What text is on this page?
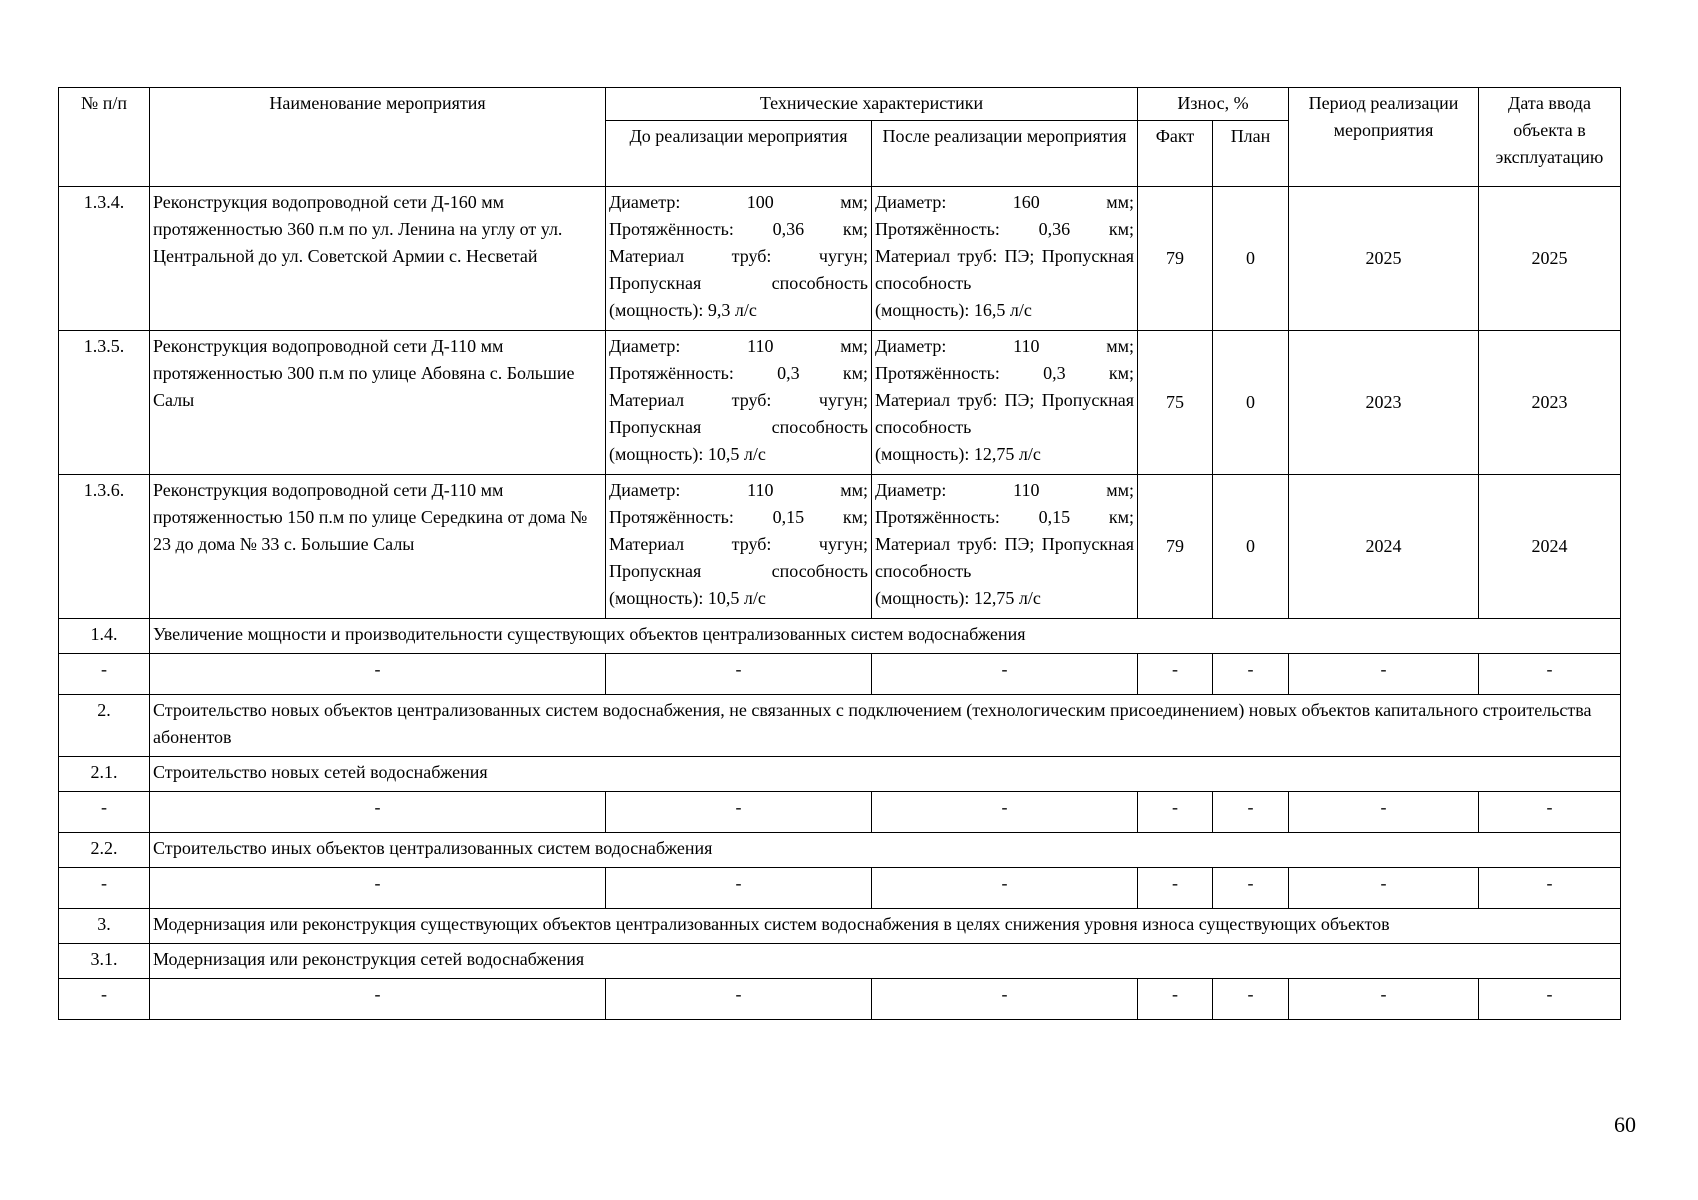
№ п/п	Наименование мероприятия	Технические характеристики		Износ, %		Период реализации мероприятия	Дата ввода объекта в эксплуатацию
		До реализации мероприятия	После реализации мероприятия	Факт	План		
1.3.4.	Реконструкция водопроводной сети Д-160 мм протяженностью 360 п.м по ул. Ленина на углу от ул. Центральной до ул. Советской Армии с. Несветай	Диаметр: 100 мм; Протяжённость: 0,36 км; Материал труб: чугун; Пропускная способность
(мощность): 9,3 л/с	Диаметр: 160 мм; Протяжённость: 0,36 км; Материал труб: ПЭ; Пропускная способность
(мощность): 16,5 л/с	79	0	2025	2025
1.3.5.	Реконструкция водопроводной сети Д-110 мм протяженностью 300 п.м по улице Абовяна с. Большие Салы	Диаметр: 110 мм; Протяжённость: 0,3 км; Материал труб: чугун; Пропускная способность
(мощность): 10,5 л/с	Диаметр: 110 мм; Протяжённость: 0,3 км; Материал труб: ПЭ; Пропускная способность
(мощность): 12,75 л/с	75	0	2023	2023
1.3.6.	Реконструкция водопроводной сети Д-110 мм протяженностью 150 п.м по улице Середкина от дома № 23 до дома № 33 с. Большие Салы	Диаметр: 110 мм; Протяжённость: 0,15 км; Материал труб: чугун; Пропускная способность
(мощность): 10,5 л/с	Диаметр: 110 мм; Протяжённость: 0,15 км; Материал труб: ПЭ; Пропускная способность
(мощность): 12,75 л/с	79	0	2024	2024
1.4.	Увеличение мощности и производительности существующих объектов централизованных систем водоснабжения						
-	-	-	-	-	-	-	-
2.	Строительство новых объектов централизованных систем водоснабжения, не связанных с подключением (технологическим присоединением) новых объектов капитального строительства абонентов						
2.1.	Строительство новых сетей водоснабжения						
-	-	-	-	-	-	-	-
2.2.	Строительство иных объектов централизованных систем водоснабжения						
-	-	-	-	-	-	-	-
3.	Модернизация или реконструкция существующих объектов централизованных систем водоснабжения в целях снижения уровня износа существующих объектов						
3.1.	Модернизация или реконструкция сетей водоснабжения						
-	-	-	-	-	-	-	-
60
